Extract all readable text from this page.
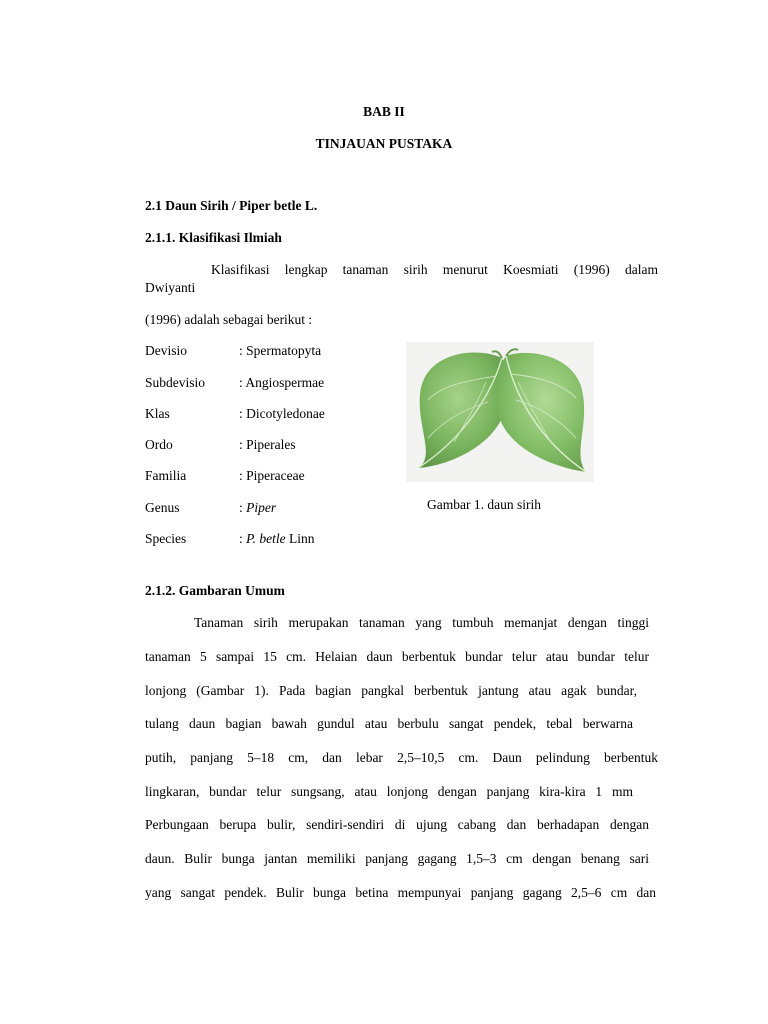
BAB II
TINJAUAN PUSTAKA
2.1 Daun Sirih / Piper betle L.
2.1.1. Klasifikasi Ilmiah
Klasifikasi lengkap tanaman sirih menurut Koesmiati (1996) dalam
Dwiyanti
(1996) adalah sebagai berikut :
Devisio	: Spermatopyta
Subdevisio	: Angiospermae
Klas	: Dicotyledonae
Ordo	: Piperales
Familia	: Piperaceae
Genus	: Piper
Species	: P. betle Linn
Gambar 1. daun sirih
2.1.2. Gambaran Umum
Tanaman sirih merupakan tanaman yang tumbuh memanjat dengan tinggi
tanaman 5 sampai 15 cm. Helaian daun berbentuk bundar telur atau bundar telur
lonjong (Gambar 1). Pada bagian pangkal berbentuk jantung atau agak bundar,
tulang daun bagian bawah gundul atau berbulu sangat pendek, tebal berwarna
putih, panjang 5–18 cm, dan lebar 2,5–10,5 cm. Daun pelindung berbentuk
lingkaran, bundar telur sungsang, atau lonjong dengan panjang kira-kira 1 mm
Perbungaan berupa bulir, sendiri-sendiri di ujung cabang dan berhadapan dengan
daun. Bulir bunga jantan memiliki panjang gagang 1,5–3 cm dengan benang sari
yang sangat pendek. Bulir bunga betina mempunyai panjang gagang 2,5–6 cm dan
